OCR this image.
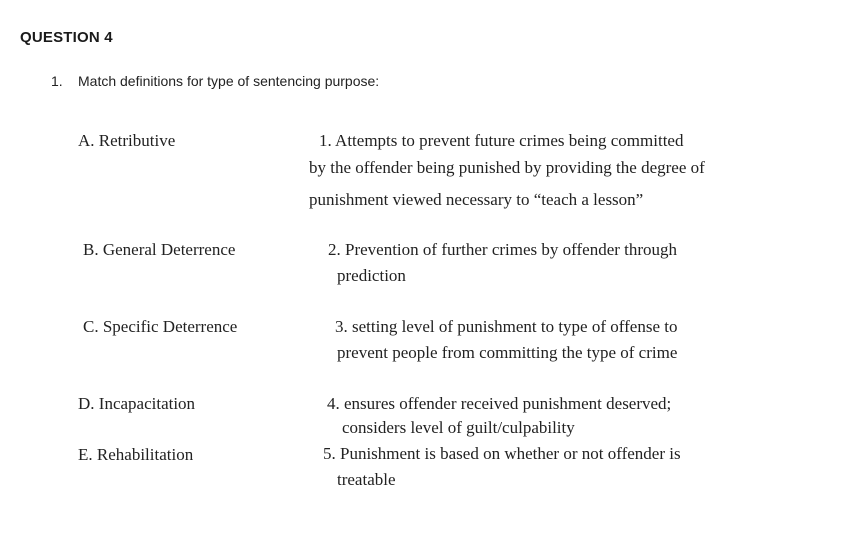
QUESTION 4
1. Match definitions for type of sentencing purpose:
A. Retributive
B. General Deterrence
C. Specific Deterrence
D. Incapacitation
E. Rehabilitation
1. Attempts to prevent future crimes being committed
by the offender being punished by providing the degree of
punishment viewed necessary to “teach a lesson”
2. Prevention of further crimes by offender through
prediction
3. setting level of punishment to type of offense to
prevent people from committing the type of crime
4. ensures offender received punishment deserved;
considers level of guilt/culpability
5. Punishment is based on whether or not offender is
treatable
